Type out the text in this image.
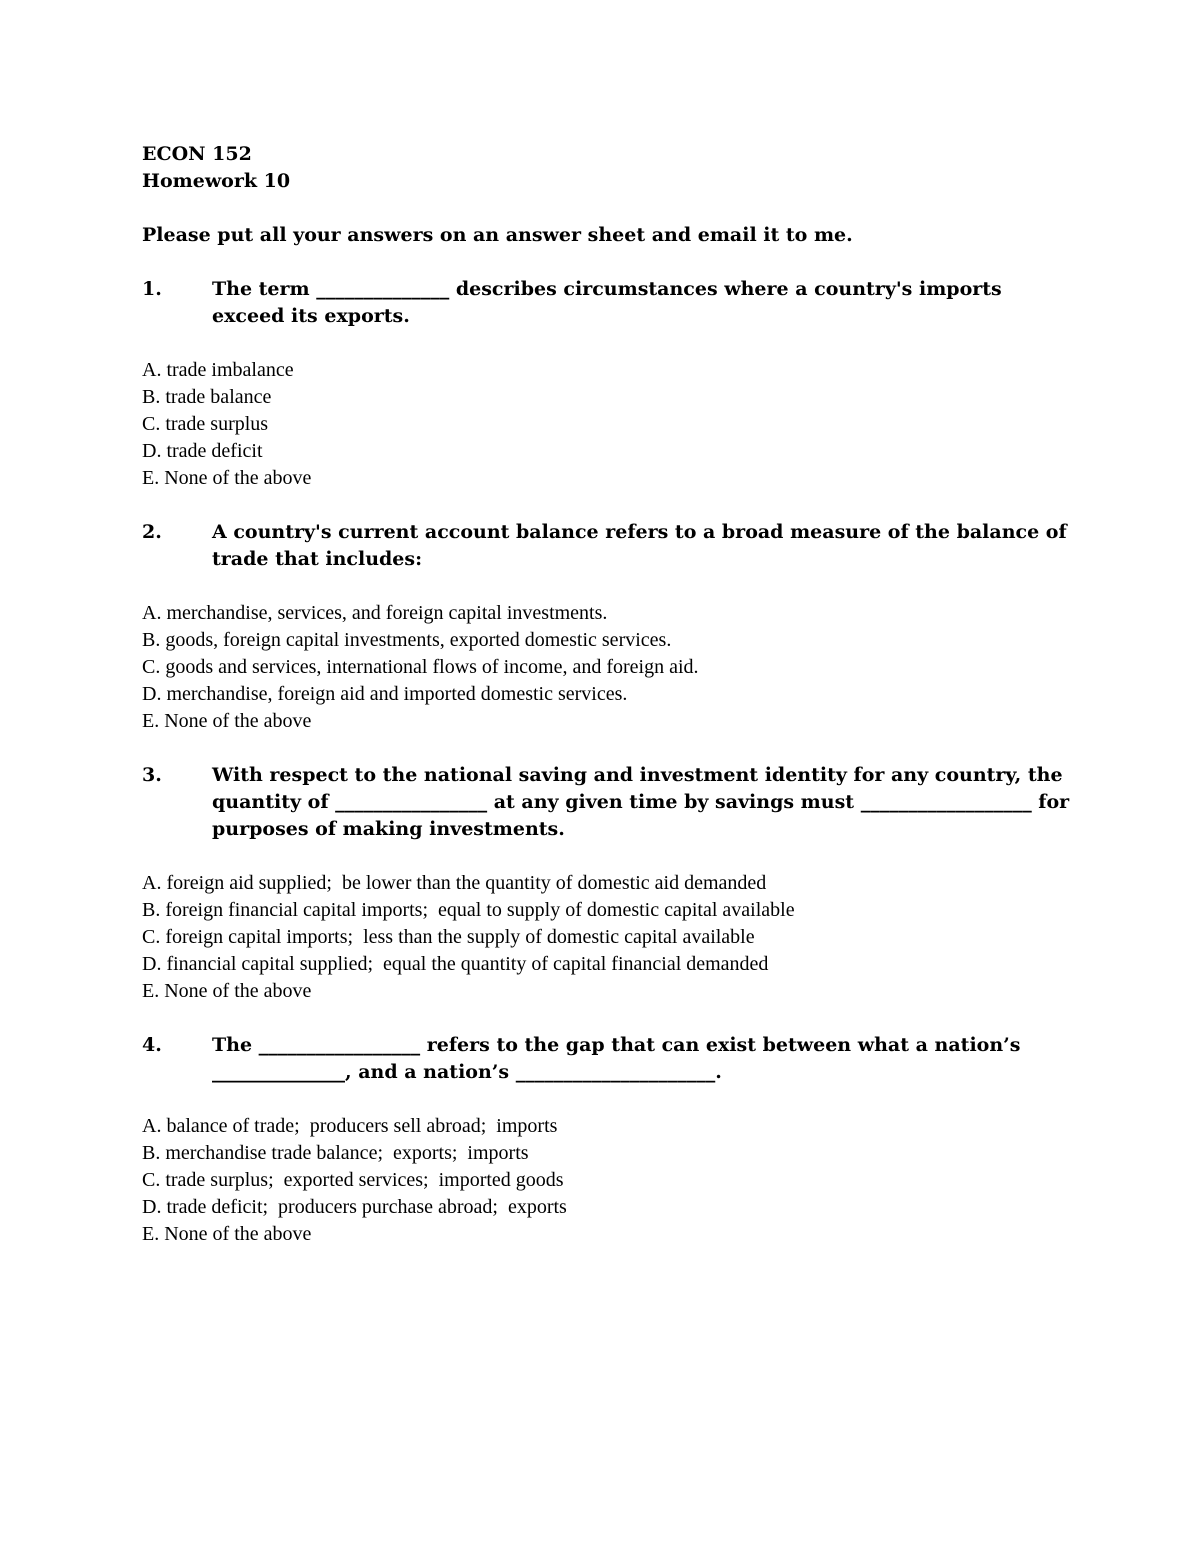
ECON 152
Homework 10
Please put all your answers on an answer sheet and email it to me.
1.	The term ______________ describes circumstances where a country's imports exceed its exports.
A. trade imbalance
B. trade balance
C. trade surplus
D. trade deficit
E. None of the above
2.	A country's current account balance refers to a broad measure of the balance of trade that includes:
A. merchandise, services, and foreign capital investments.
B. goods, foreign capital investments, exported domestic services.
C. goods and services, international flows of income, and foreign aid.
D. merchandise, foreign aid and imported domestic services.
E. None of the above
3.	With respect to the national saving and investment identity for any country, the quantity of ________________ at any given time by savings must __________________ for purposes of making investments.
A. foreign aid supplied;  be lower than the quantity of domestic aid demanded
B. foreign financial capital imports;  equal to supply of domestic capital available
C. foreign capital imports;  less than the supply of domestic capital available
D. financial capital supplied;  equal the quantity of capital financial demanded
E. None of the above
4.	The _________________ refers to the gap that can exist between what a nation’s ______________, and a nation’s _____________________.
A. balance of trade;  producers sell abroad;  imports
B. merchandise trade balance;  exports;  imports
C. trade surplus;  exported services;  imported goods
D. trade deficit;  producers purchase abroad;  exports
E. None of the above
